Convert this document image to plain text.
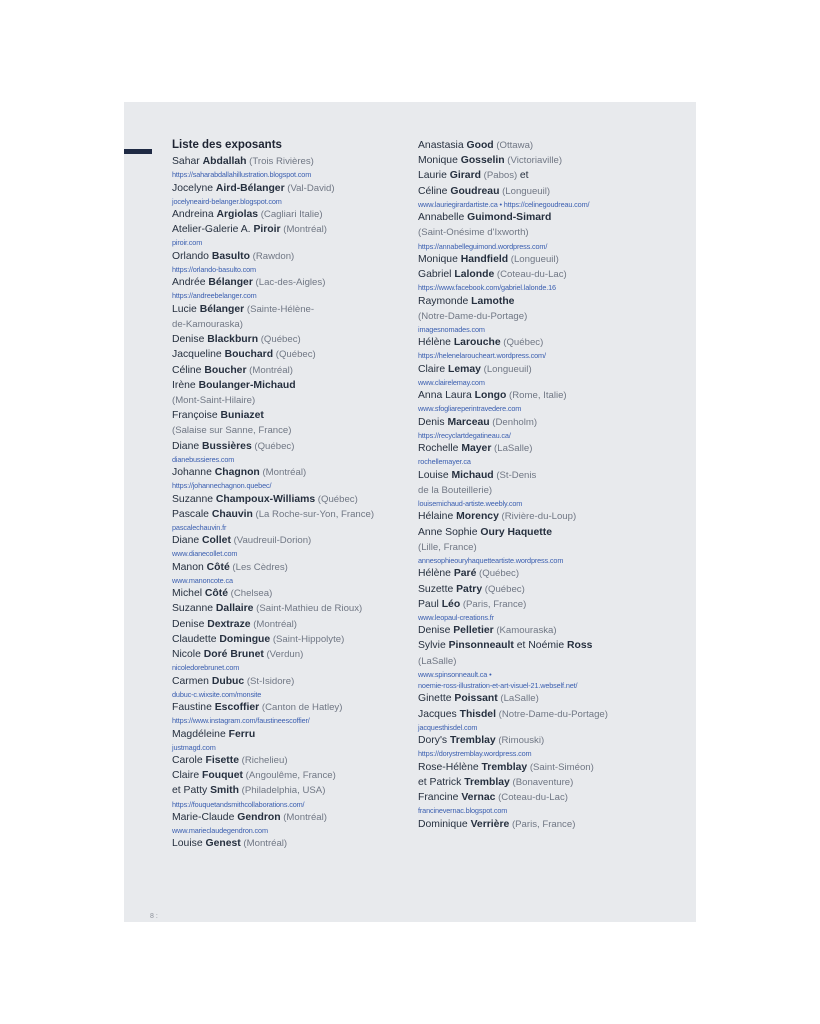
Liste des exposants
Sahar Abdallah (Trois Rivières)
https://saharabdallahillustration.blogspot.com
Jocelyne Aird-Bélanger (Val-David)
jocelyneaird-belanger.blogspot.com
Andreina Argiolas (Cagliari Italie)
Atelier-Galerie A. Piroir (Montréal)
piroir.com
Orlando Basulto (Rawdon)
https://orlando-basulto.com
Andrée Bélanger (Lac-des-Aigles)
https://andreebelanger.com
Lucie Bélanger (Sainte-Hélène-
de-Kamouraska)
Denise Blackburn (Québec)
Jacqueline Bouchard (Québec)
Céline Boucher (Montréal)
Irène Boulanger-Michaud
(Mont-Saint-Hilaire)
Françoise Buniazet
(Salaise sur Sanne, France)
Diane Bussières (Québec)
dianebussieres.com
Johanne Chagnon (Montréal)
https://johannechagnon.quebec/
Suzanne Champoux-Williams (Québec)
Pascale Chauvin (La Roche-sur-Yon, France)
pascalechauvin.fr
Diane Collet (Vaudreuil-Dorion)
www.dianecollet.com
Manon Côté (Les Cèdres)
www.manoncote.ca
Michel Côté (Chelsea)
Suzanne Dallaire (Saint-Mathieu de Rioux)
Denise Dextraze (Montréal)
Claudette Domingue (Saint-Hippolyte)
Nicole Doré Brunet (Verdun)
nicoledorebrunet.com
Carmen Dubuc (St-Isidore)
dubuc-c.wixsite.com/monsite
Faustine Escoffier (Canton de Hatley)
https://www.instagram.com/faustineescoffier/
Magdéleine Ferru
justmagd.com
Carole Fisette (Richelieu)
Claire Fouquet (Angoulême, France)
et Patty Smith (Philadelphia, USA)
https://fouquetandsmithcollaborations.com/
Marie-Claude Gendron (Montréal)
www.marieclaudegendron.com
Louise Genest (Montréal)
Anastasia Good (Ottawa)
Monique Gosselin (Victoriaville)
Laurie Girard (Pabos) et
Céline Goudreau (Longueuil)
www.lauriegirardartiste.ca • https://celinegoudreau.com/
Annabelle Guimond-Simard
(Saint-Onésime d'Ixworth)
https://annabelleguimond.wordpress.com/
Monique Handfield (Longueuil)
Gabriel Lalonde (Coteau-du-Lac)
https://www.facebook.com/gabriel.lalonde.16
Raymonde Lamothe
(Notre-Dame-du-Portage)
imagesnomades.com
Hélène Larouche (Québec)
https://helenelaroucheart.wordpress.com/
Claire Lemay (Longueuil)
www.clairelemay.com
Anna Laura Longo (Rome, Italie)
www.sfogliareperintravedere.com
Denis Marceau (Denholm)
https://recyclartdegatineau.ca/
Rochelle Mayer (LaSalle)
rochellemayer.ca
Louise Michaud (St-Denis
de la Bouteillerie)
louisemichaud-artiste.weebly.com
Hélaine Morency (Rivière-du-Loup)
Anne Sophie Oury Haquette
(Lille, France)
annesophieouryhaquetteartiste.wordpress.com
Hélène Paré (Québec)
Suzette Patry (Québec)
Paul Léo (Paris, France)
www.leopaul-creations.fr
Denise Pelletier (Kamouraska)
Sylvie Pinsonneault et Noémie Ross
(LaSalle)
www.spinsonneault.ca •
noemie-ross-illustration-et-art-visuel-21.webself.net/
Ginette Poissant (LaSalle)
Jacques Thisdel (Notre-Dame-du-Portage)
jacquesthisdel.com
Dory's Tremblay (Rimouski)
https://dorystremblay.wordpress.com
Rose-Hélène Tremblay (Saint-Siméon)
et Patrick Tremblay (Bonaventure)
Francine Vernac (Coteau-du-Lac)
francinevernac.blogspot.com
Dominique Verrière (Paris, France)
8 :
